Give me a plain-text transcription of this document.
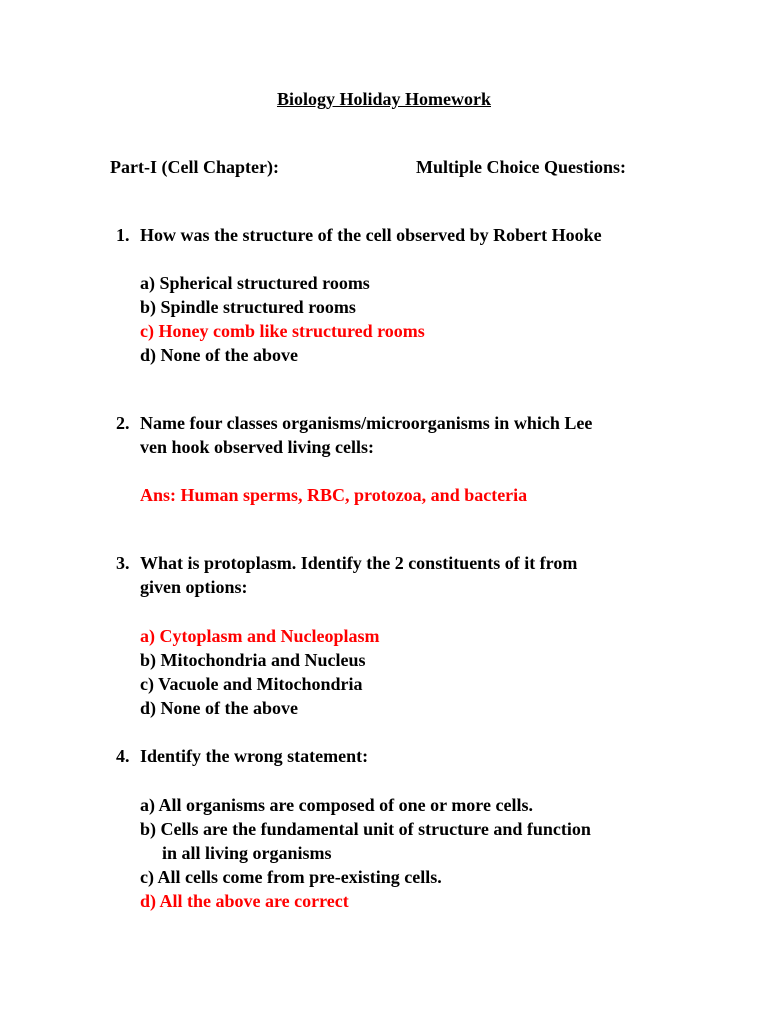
Biology Holiday Homework
Part-I (Cell Chapter):	Multiple Choice Questions:
1. How was the structure of the cell observed by Robert Hooke
a) Spherical structured rooms
b) Spindle structured rooms
c) Honey comb like structured rooms
d) None of the above
2. Name four classes organisms/microorganisms in which Lee
ven hook observed living cells:
Ans: Human sperms, RBC, protozoa, and bacteria
3. What is protoplasm. Identify the 2 constituents of it from
given options:
a) Cytoplasm and Nucleoplasm
b) Mitochondria and Nucleus
c) Vacuole and Mitochondria
d) None of the above
4. Identify the wrong statement:
a) All organisms are composed of one or more cells.
b) Cells are the fundamental unit of structure and function
in all living organisms
c) All cells come from pre-existing cells.
d) All the above are correct
